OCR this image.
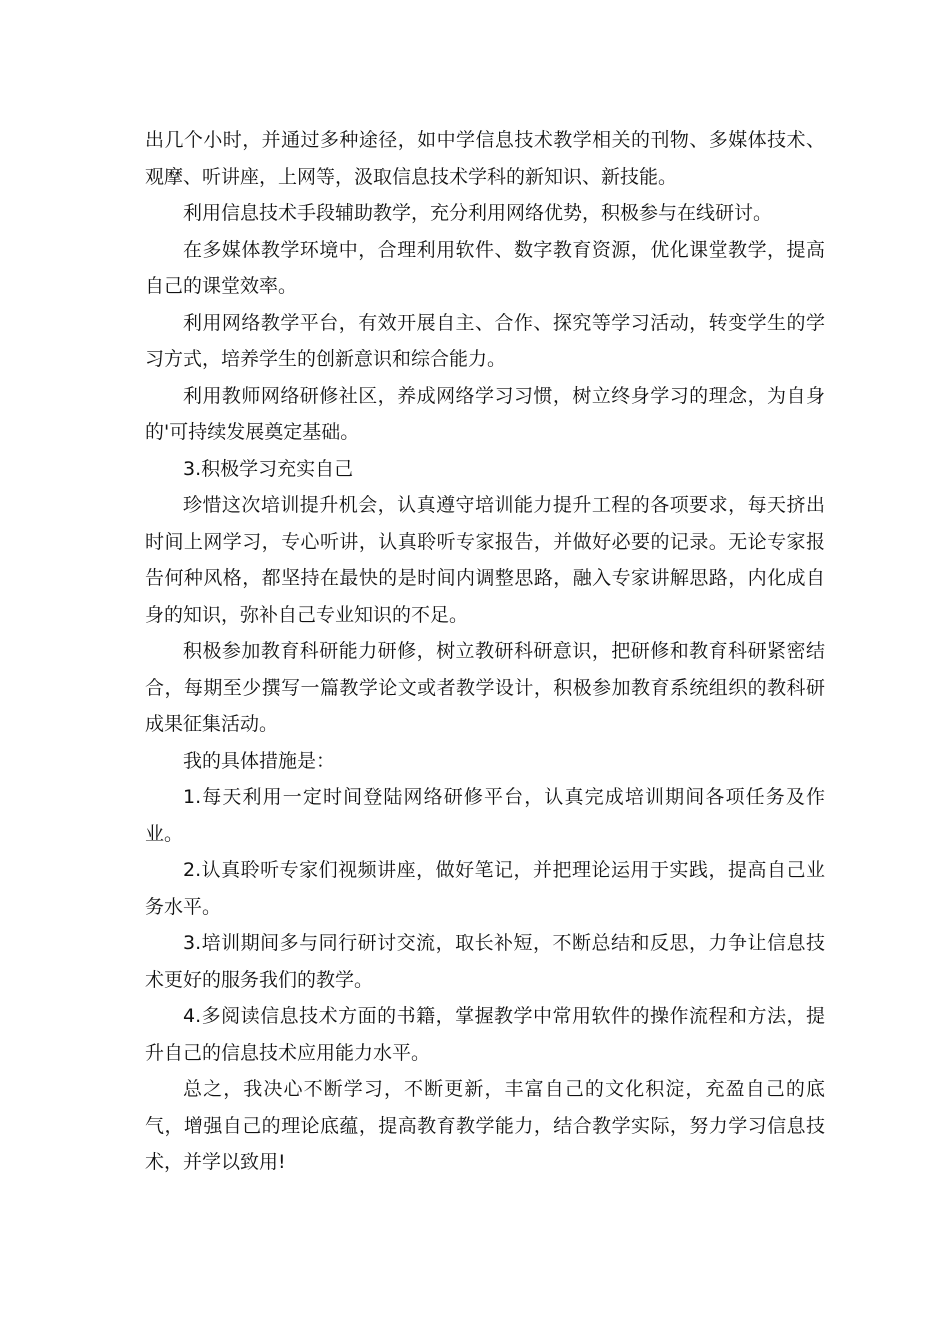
出几个小时，并通过多种途径，如中学信息技术教学相关的刊物、多媒体技术、观摩、听讲座，上网等，汲取信息技术学科的新知识、新技能。

利用信息技术手段辅助教学，充分利用网络优势，积极参与在线研讨。

在多媒体教学环境中，合理利用软件、数字教育资源，优化课堂教学，提高自己的课堂效率。

利用网络教学平台，有效开展自主、合作、探究等学习活动，转变学生的学习方式，培养学生的创新意识和综合能力。

利用教师网络研修社区，养成网络学习习惯，树立终身学习的理念，为自身的'可持续发展奠定基础。

3.积极学习充实自己

珍惜这次培训提升机会，认真遵守培训能力提升工程的各项要求，每天挤出时间上网学习，专心听讲，认真聆听专家报告，并做好必要的记录。无论专家报告何种风格，都坚持在最快的是时间内调整思路，融入专家讲解思路，内化成自身的知识，弥补自己专业知识的不足。

积极参加教育科研能力研修，树立教研科研意识，把研修和教育科研紧密结合，每期至少撰写一篇教学论文或者教学设计，积极参加教育系统组织的教科研成果征集活动。

我的具体措施是：

1.每天利用一定时间登陆网络研修平台，认真完成培训期间各项任务及作业。

2.认真聆听专家们视频讲座，做好笔记，并把理论运用于实践，提高自己业务水平。

3.培训期间多与同行研讨交流，取长补短，不断总结和反思，力争让信息技术更好的服务我们的教学。

4.多阅读信息技术方面的书籍，掌握教学中常用软件的操作流程和方法，提升自己的信息技术应用能力水平。

总之，我决心不断学习，不断更新，丰富自己的文化积淀，充盈自己的底气，增强自己的理论底蕴，提高教育教学能力，结合教学实际，努力学习信息技术，并学以致用!
